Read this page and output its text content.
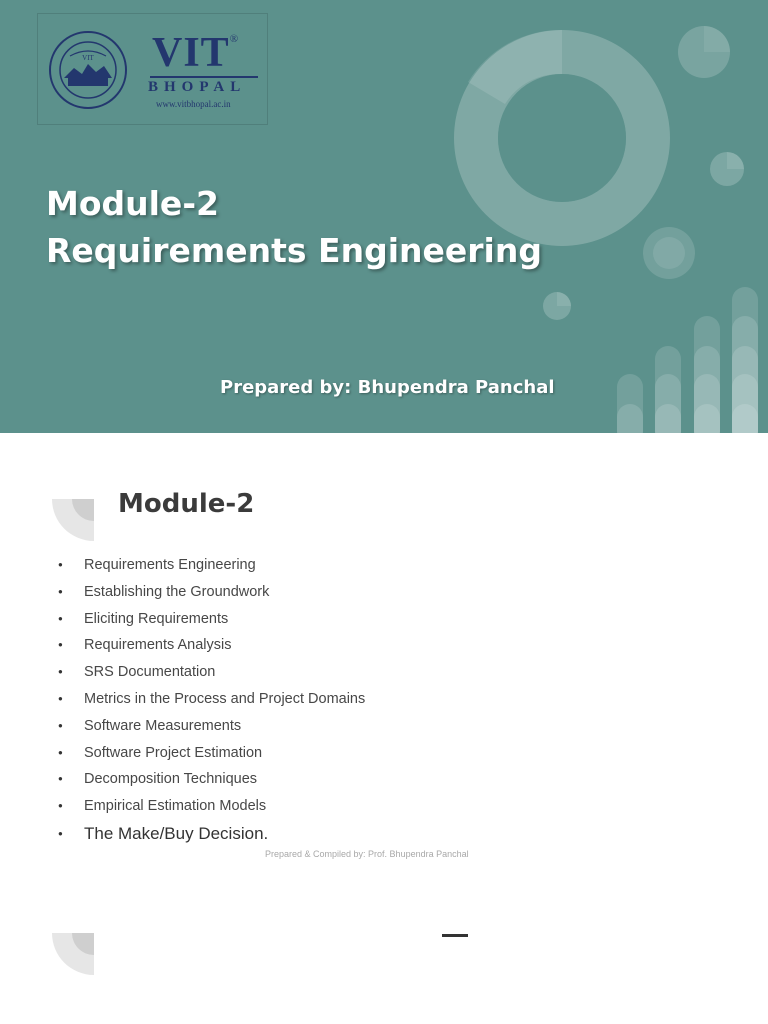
VIT VIT®
BHOPAL
www.vitbhopal.ac.in
Module-2
Requirements Engineering
Prepared by: Bhupendra Panchal
Module-2
● Requirements Engineering
● Establishing the Groundwork
● Eliciting Requirements
● Requirements Analysis
● SRS Documentation
● Metrics in the Process and Project Domains
● Software Measurements
● Software Project Estimation
● Decomposition Techniques
● Empirical Estimation Models
● The Make/Buy Decision.
Prepared & Compiled by: Prof. Bhupendra Panchal
